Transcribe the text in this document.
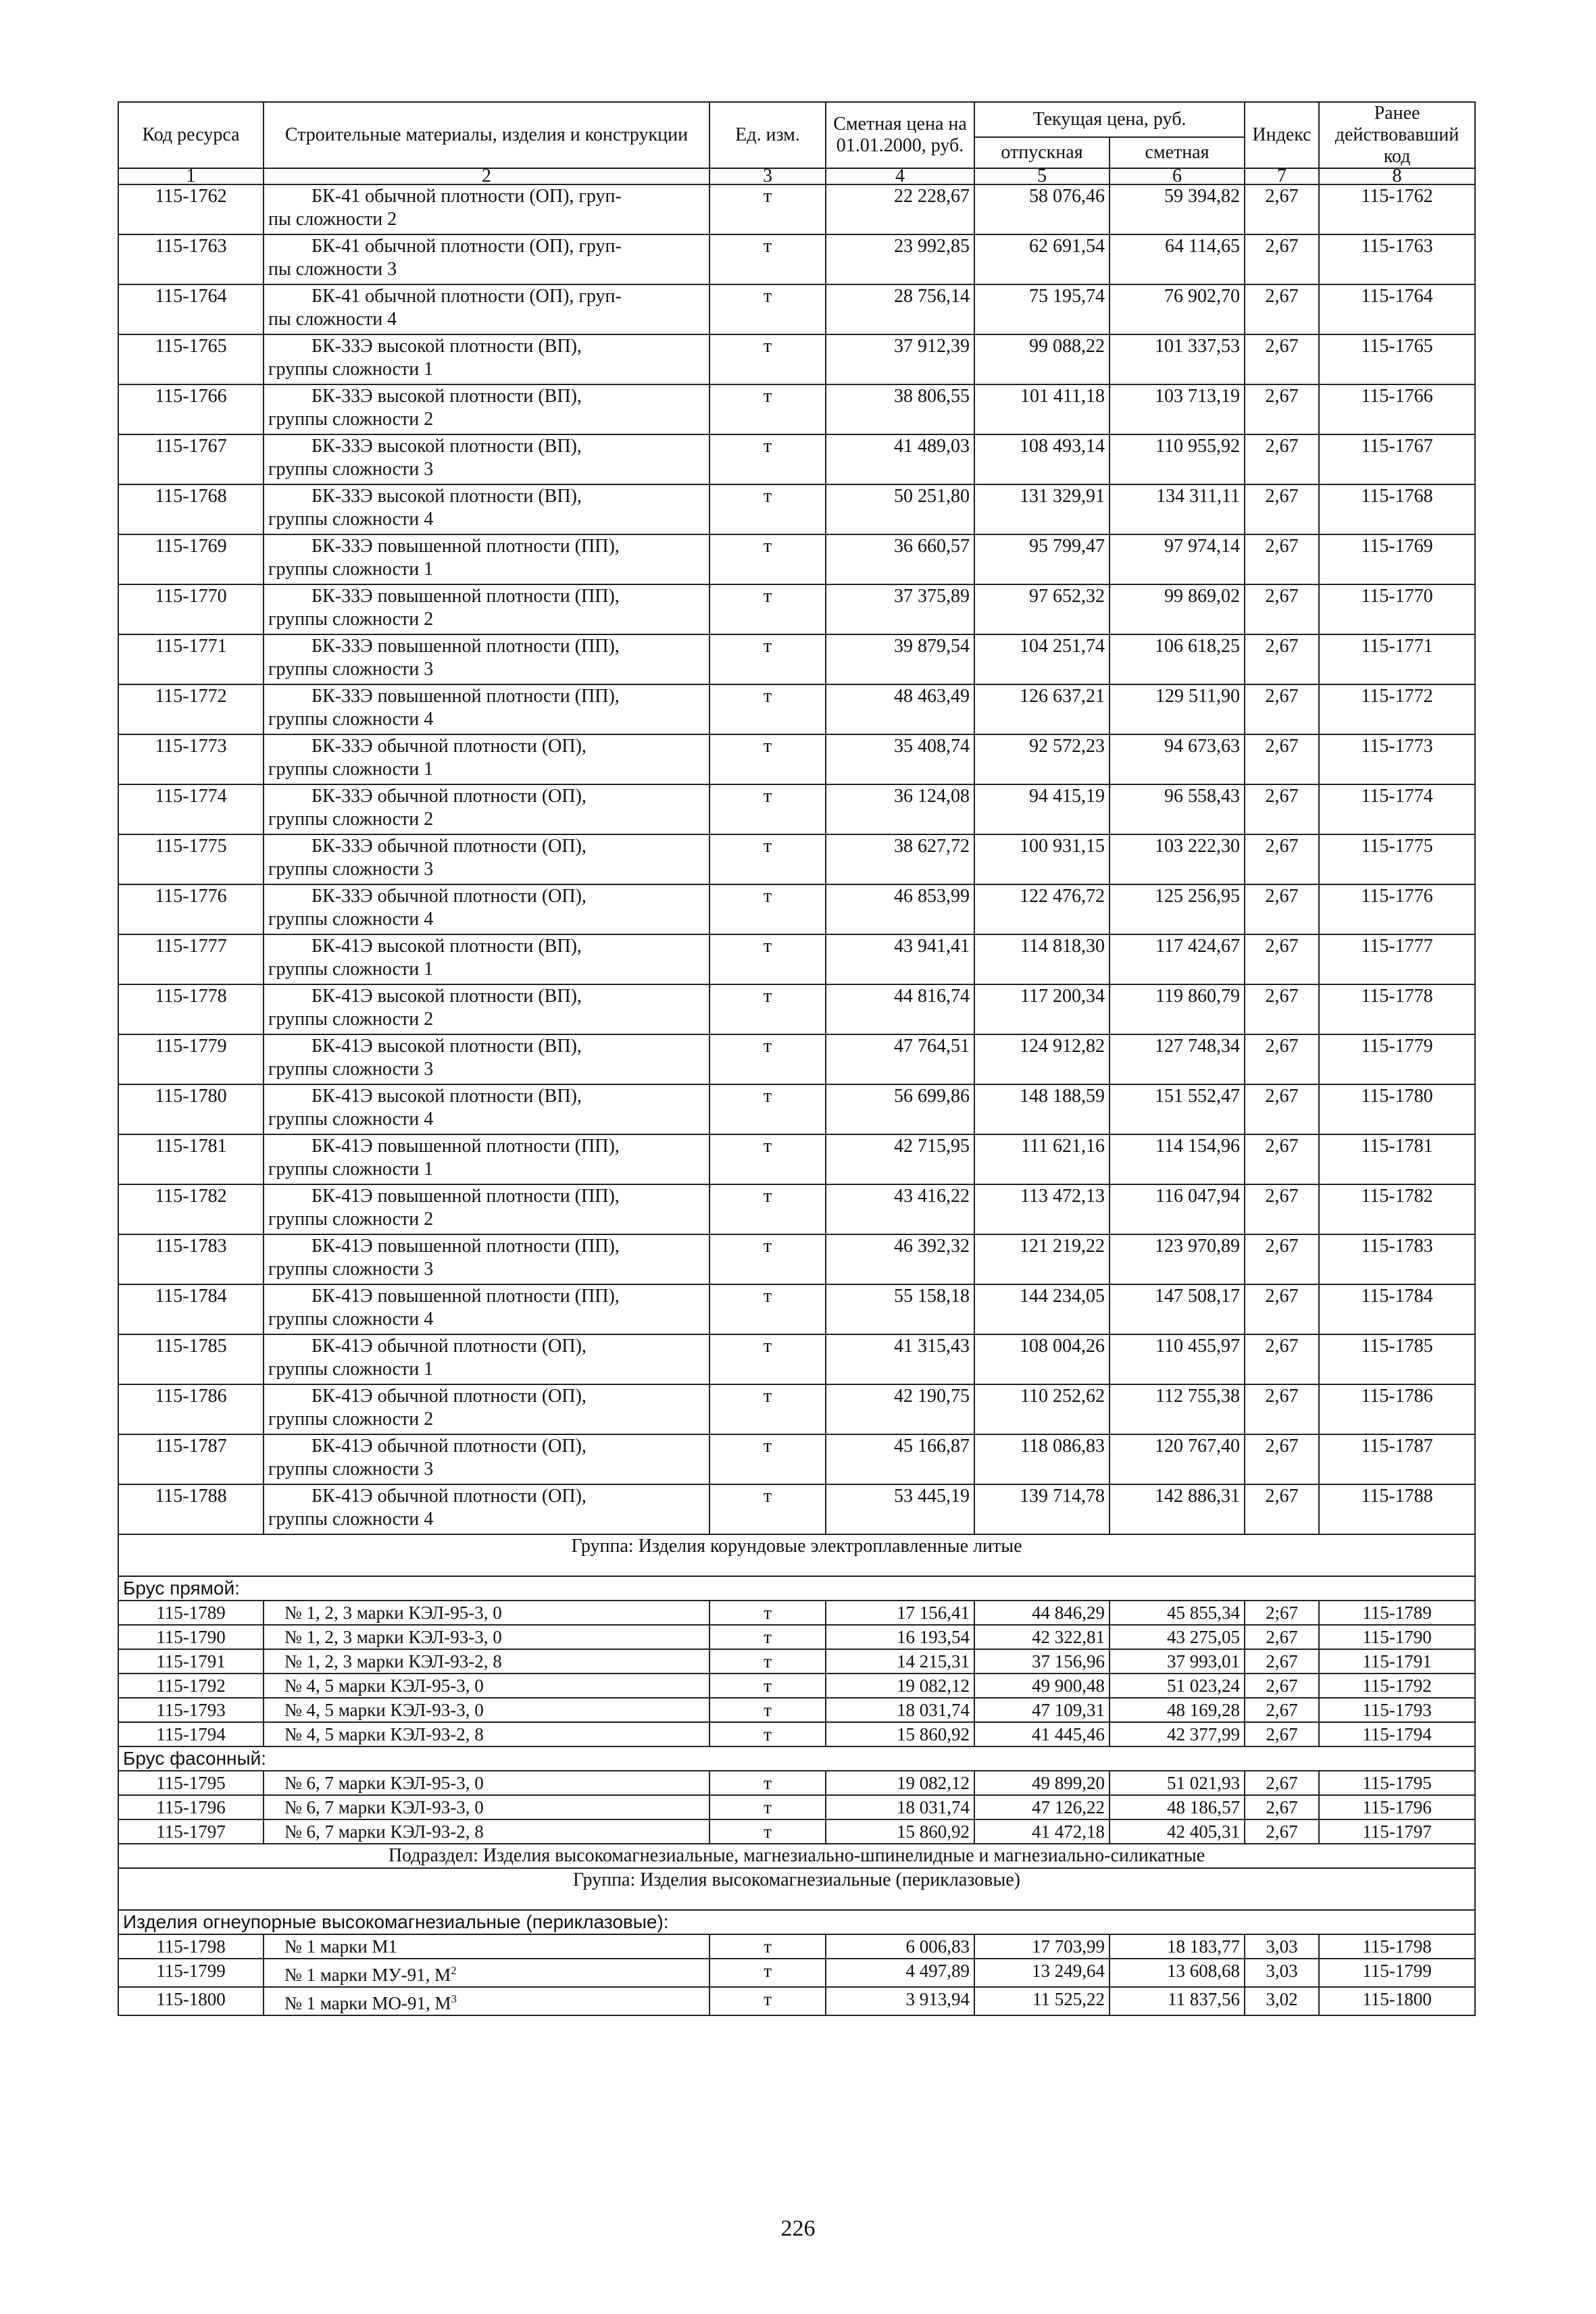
Код ресурса	Строительные материалы, изделия и конструкции	Ед. изм.	Сметная цена на 01.01.2000, руб.	Текущая цена, руб.		Индекс	Ранее действовавший код
				отпускная	сметная		
1	2	3	4	5	6	7	8
115-1762	БК-41 обычной плотности (ОП), груп-
пы сложности 2	т	22 228,67	58 076,46	59 394,82	2,67	115-1762
115-1763	БК-41 обычной плотности (ОП), груп-
пы сложности 3	т	23 992,85	62 691,54	64 114,65	2,67	115-1763
115-1764	БК-41 обычной плотности (ОП), груп-
пы сложности 4	т	28 756,14	75 195,74	76 902,70	2,67	115-1764
115-1765	БК-33Э высокой плотности (ВП),
группы сложности 1	т	37 912,39	99 088,22	101 337,53	2,67	115-1765
115-1766	БК-33Э высокой плотности (ВП),
группы сложности 2	т	38 806,55	101 411,18	103 713,19	2,67	115-1766
115-1767	БК-33Э высокой плотности (ВП),
группы сложности 3	т	41 489,03	108 493,14	110 955,92	2,67	115-1767
115-1768	БК-33Э высокой плотности (ВП),
группы сложности 4	т	50 251,80	131 329,91	134 311,11	2,67	115-1768
115-1769	БК-33Э повышенной плотности (ПП),
группы сложности 1	т	36 660,57	95 799,47	97 974,14	2,67	115-1769
115-1770	БК-33Э повышенной плотности (ПП),
группы сложности 2	т	37 375,89	97 652,32	99 869,02	2,67	115-1770
115-1771	БК-33Э повышенной плотности (ПП),
группы сложности 3	т	39 879,54	104 251,74	106 618,25	2,67	115-1771
115-1772	БК-33Э повышенной плотности (ПП),
группы сложности 4	т	48 463,49	126 637,21	129 511,90	2,67	115-1772
115-1773	БК-33Э обычной плотности (ОП),
группы сложности 1	т	35 408,74	92 572,23	94 673,63	2,67	115-1773
115-1774	БК-33Э обычной плотности (ОП),
группы сложности 2	т	36 124,08	94 415,19	96 558,43	2,67	115-1774
115-1775	БК-33Э обычной плотности (ОП),
группы сложности 3	т	38 627,72	100 931,15	103 222,30	2,67	115-1775
115-1776	БК-33Э обычной плотности (ОП),
группы сложности 4	т	46 853,99	122 476,72	125 256,95	2,67	115-1776
115-1777	БК-41Э высокой плотности (ВП),
группы сложности 1	т	43 941,41	114 818,30	117 424,67	2,67	115-1777
115-1778	БК-41Э высокой плотности (ВП),
группы сложности 2	т	44 816,74	117 200,34	119 860,79	2,67	115-1778
115-1779	БК-41Э высокой плотности (ВП),
группы сложности 3	т	47 764,51	124 912,82	127 748,34	2,67	115-1779
115-1780	БК-41Э высокой плотности (ВП),
группы сложности 4	т	56 699,86	148 188,59	151 552,47	2,67	115-1780
115-1781	БК-41Э повышенной плотности (ПП),
группы сложности 1	т	42 715,95	111 621,16	114 154,96	2,67	115-1781
115-1782	БК-41Э повышенной плотности (ПП),
группы сложности 2	т	43 416,22	113 472,13	116 047,94	2,67	115-1782
115-1783	БК-41Э повышенной плотности (ПП),
группы сложности 3	т	46 392,32	121 219,22	123 970,89	2,67	115-1783
115-1784	БК-41Э повышенной плотности (ПП),
группы сложности 4	т	55 158,18	144 234,05	147 508,17	2,67	115-1784
115-1785	БК-41Э обычной плотности (ОП),
группы сложности 1	т	41 315,43	108 004,26	110 455,97	2,67	115-1785
115-1786	БК-41Э обычной плотности (ОП),
группы сложности 2	т	42 190,75	110 252,62	112 755,38	2,67	115-1786
115-1787	БК-41Э обычной плотности (ОП),
группы сложности 3	т	45 166,87	118 086,83	120 767,40	2,67	115-1787
115-1788	БК-41Э обычной плотности (ОП),
группы сложности 4	т	53 445,19	139 714,78	142 886,31	2,67	115-1788
Группа: Изделия корундовые электроплавленные литые							
Брус прямой:							
115-1789	№ 1, 2, 3 марки КЭЛ-95-3, 0	т	17 156,41	44 846,29	45 855,34	2;67	115-1789
115-1790	№ 1, 2, 3 марки КЭЛ-93-3, 0	т	16 193,54	42 322,81	43 275,05	2,67	115-1790
115-1791	№ 1, 2, 3 марки КЭЛ-93-2, 8	т	14 215,31	37 156,96	37 993,01	2,67	115-1791
115-1792	№ 4, 5 марки КЭЛ-95-3, 0	т	19 082,12	49 900,48	51 023,24	2,67	115-1792
115-1793	№ 4, 5 марки КЭЛ-93-3, 0	т	18 031,74	47 109,31	48 169,28	2,67	115-1793
115-1794	№ 4, 5 марки КЭЛ-93-2, 8	т	15 860,92	41 445,46	42 377,99	2,67	115-1794
Брус фасонный:							
115-1795	№ 6, 7 марки КЭЛ-95-3, 0	т	19 082,12	49 899,20	51 021,93	2,67	115-1795
115-1796	№ 6, 7 марки КЭЛ-93-3, 0	т	18 031,74	47 126,22	48 186,57	2,67	115-1796
115-1797	№ 6, 7 марки КЭЛ-93-2, 8	т	15 860,92	41 472,18	42 405,31	2,67	115-1797
Подраздел: Изделия высокомагнезиальные, магнезиально-шпинелидные и магнезиально-силикатные							
Группа: Изделия высокомагнезиальные (периклазовые)							
Изделия огнеупорные высокомагнезиальные (периклазовые):							
115-1798	№ 1 марки М1	т	6 006,83	17 703,99	18 183,77	3,03	115-1798
115-1799	№ 1 марки МУ-91, $М^2$	т	4 497,89	13 249,64	13 608,68	3,03	115-1799
115-1800	№ 1 марки МО-91, $М^3$	т	3 913,94	11 525,22	11 837,56	3,02	115-1800
226
